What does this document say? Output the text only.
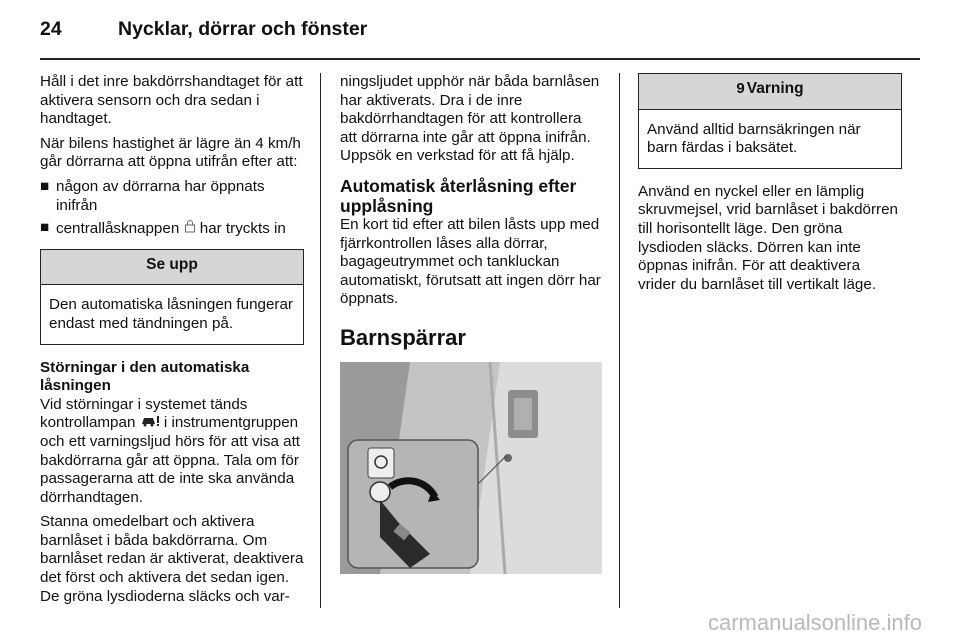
24	Nycklar, dörrar och fönster

Håll i det inre bakdörrshandtaget för att aktivera sensorn och dra sedan i handtaget.

När bilens hastighet är lägre än 4 km/h går dörrarna att öppna utifrån efter att:

■ någon av dörrarna har öppnats inifrån
■ centrallåsknappen har tryckts in
Se upp
Den automatiska låsningen fungerar endast med tändningen på.

Störningar i den automatiska låsningen

Vid störningar i systemet tänds kontrollampan i instrumentgruppen och ett varningsljud hörs för att visa att bakdörrarna går att öppna. Tala om för passagerarna att de inte ska använda dörrhandtagen.

Stanna omedelbart och aktivera barnlåset i båda bakdörrarna. Om barnlåset redan är aktiverat, deaktivera det först och aktivera det sedan igen. De gröna lysdioderna släcks och var-

ningsljudet upphör när båda barnlåsen har aktiverats. Dra i de inre bakdörrhandtagen för att kontrollera att dörrarna inte går att öppna inifrån. Uppsök en verkstad för att få hjälp.

Automatisk återlåsning efter upplåsning

En kort tid efter att bilen låsts upp med fjärrkontrollen låses alla dörrar, bagageutrymmet och tankluckan automatiskt, förutsatt att ingen dörr har öppnats.

Barnspärrar
9 Varning
Använd alltid barnsäkringen när barn färdas i baksätet.

Använd en nyckel eller en lämplig skruvmejsel, vrid barnlåset i bakdörren till horisontellt läge. Den gröna lysdioden släcks. Dörren kan inte öppnas inifrån. För att deaktivera vrider du barnlåset till vertikalt läge.

carmanualsonline.info
